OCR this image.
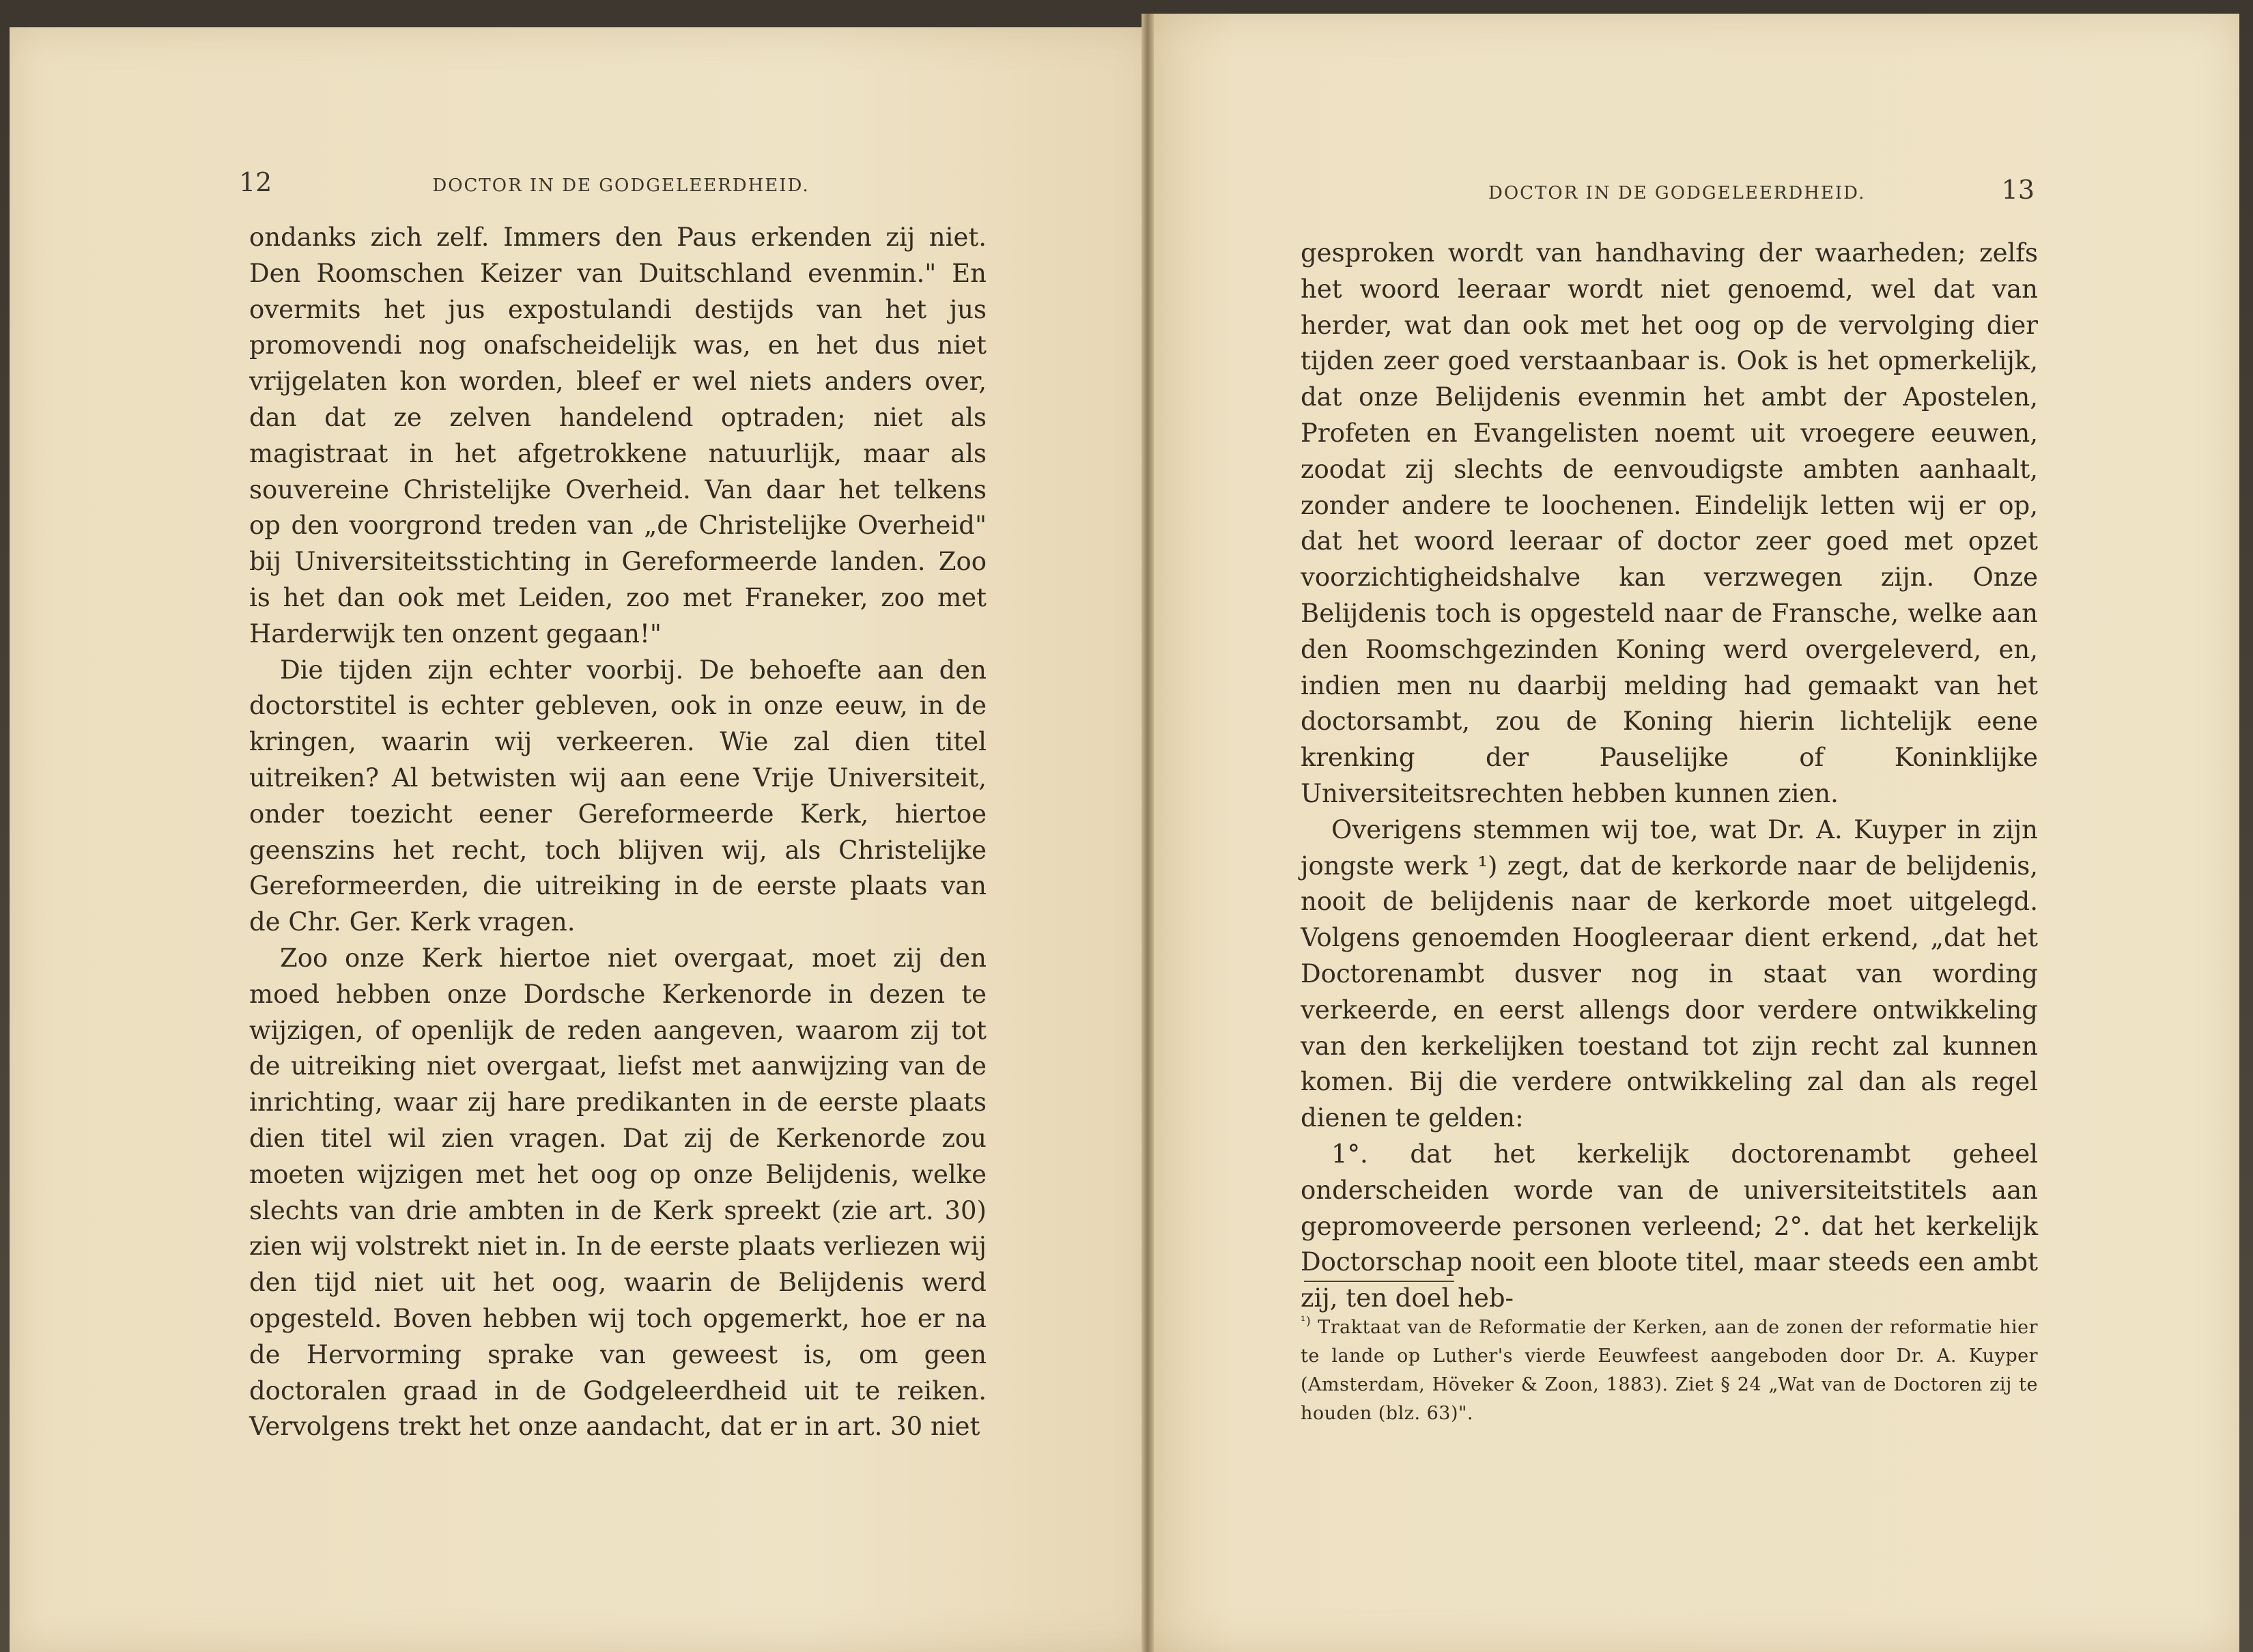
12	DOCTOR IN DE GODGELEERDHEID.

ondanks zich zelf. Immers den Paus erkenden zij niet. Den Roomschen Keizer van Duitschland evenmin." En overmits het jus expostulandi destijds van het jus promovendi nog onafscheidelijk was, en het dus niet vrijgelaten kon worden, bleef er wel niets anders over, dan dat ze zelven handelend optraden; niet als magistraat in het afgetrokkene natuurlijk, maar als souvereine Christelijke Overheid. Van daar het telkens op den voorgrond treden van „de Christelijke Overheid" bij Universiteitsstichting in Gereformeerde landen. Zoo is het dan ook met Leiden, zoo met Franeker, zoo met Harderwijk ten onzent gegaan!"

Die tijden zijn echter voorbij. De behoefte aan den doctorstitel is echter gebleven, ook in onze eeuw, in de kringen, waarin wij verkeeren. Wie zal dien titel uitreiken? Al betwisten wij aan eene Vrije Universiteit, onder toezicht eener Gereformeerde Kerk, hiertoe geenszins het recht, toch blijven wij, als Christelijke Gereformeerden, die uitreiking in de eerste plaats van de Chr. Ger. Kerk vragen.

Zoo onze Kerk hiertoe niet overgaat, moet zij den moed hebben onze Dordsche Kerkenorde in dezen te wijzigen, of openlijk de reden aangeven, waarom zij tot de uitreiking niet overgaat, liefst met aanwijzing van de inrichting, waar zij hare predikanten in de eerste plaats dien titel wil zien vragen. Dat zij de Kerkenorde zou moeten wijzigen met het oog op onze Belijdenis, welke slechts van drie ambten in de Kerk spreekt (zie art. 30) zien wij volstrekt niet in. In de eerste plaats verliezen wij den tijd niet uit het oog, waarin de Belijdenis werd opgesteld. Boven hebben wij toch opgemerkt, hoe er na de Hervorming sprake van geweest is, om geen doctoralen graad in de Godgeleerdheid uit te reiken. Vervolgens trekt het onze aandacht, dat er in art. 30 niet

DOCTOR IN DE GODGELEERDHEID.	13

gesproken wordt van handhaving der waarheden; zelfs het woord leeraar wordt niet genoemd, wel dat van herder, wat dan ook met het oog op de vervolging dier tijden zeer goed verstaanbaar is. Ook is het opmerkelijk, dat onze Belijdenis evenmin het ambt der Apostelen, Profeten en Evangelisten noemt uit vroegere eeuwen, zoodat zij slechts de eenvoudigste ambten aanhaalt, zonder andere te loochenen. Eindelijk letten wij er op, dat het woord leeraar of doctor zeer goed met opzet voorzichtigheidshalve kan verzwegen zijn. Onze Belijdenis toch is opgesteld naar de Fransche, welke aan den Roomschgezinden Koning werd overgeleverd, en, indien men nu daarbij melding had gemaakt van het doctorsambt, zou de Koning hierin lichtelijk eene krenking der Pauselijke of Koninklijke Universiteitsrechten hebben kunnen zien.

Overigens stemmen wij toe, wat Dr. A. Kuyper in zijn jongste werk ¹) zegt, dat de kerkorde naar de belijdenis, nooit de belijdenis naar de kerkorde moet uitgelegd. Volgens genoemden Hoogleeraar dient erkend, „dat het Doctorenambt dusver nog in staat van wording verkeerde, en eerst allengs door verdere ontwikkeling van den kerkelijken toestand tot zijn recht zal kunnen komen. Bij die verdere ontwikkeling zal dan als regel dienen te gelden:

1°. dat het kerkelijk doctorenambt geheel onderscheiden worde van de universiteitstitels aan gepromoveerde personen verleend; 2°. dat het kerkelijk Doctorschap nooit een bloote titel, maar steeds een ambt zij, ten doel heb-

$^{^1)}$ Traktaat van de Reformatie der Kerken, aan de zonen der reformatie hier te lande op Luther's vierde Eeuwfeest aangeboden door Dr. A. Kuyper (Amsterdam, Höveker & Zoon, 1883). Ziet § 24 „Wat van de Doctoren zij te houden (blz. 63)".
